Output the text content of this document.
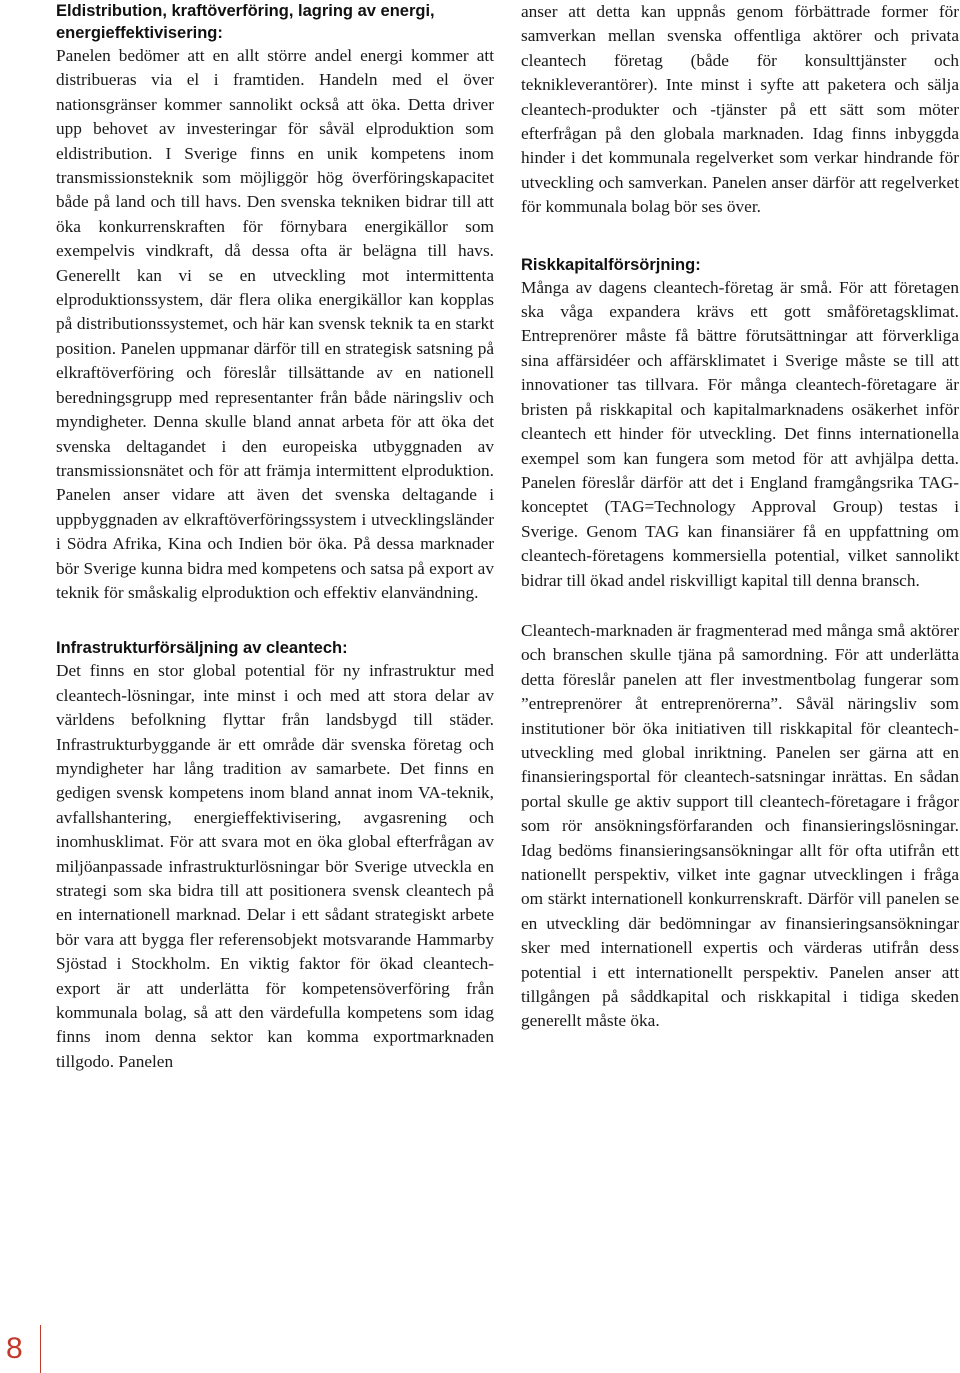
Eldistribution, kraftöverföring, lagring av energi, energieffektivisering:

Panelen bedömer att en allt större andel energi kommer att distribueras via el i framtiden. Handeln med el över nationsgränser kommer sannolikt också att öka. Detta driver upp behovet av investeringar för såväl elproduktion som eldistribution. I Sverige finns en unik kompetens inom transmissionsteknik som möjliggör hög överföringskapacitet både på land och till havs. Den svenska tekniken bidrar till att öka konkurrenskraften för förnybara energikällor som exempelvis vindkraft, då dessa ofta är belägna till havs. Generellt kan vi se en utveckling mot intermittenta elproduktionssystem, där flera olika energikällor kan kopplas på distributionssystemet, och här kan svensk teknik ta en starkt position. Panelen uppmanar därför till en strategisk satsning på elkraftöverföring och föreslår tillsättande av en nationell beredningsgrupp med representanter från både näringsliv och myndigheter. Denna skulle bland annat arbeta för att öka det svenska deltagandet i den europeiska utbyggnaden av transmissionsnätet och för att främja intermittent elproduktion. Panelen anser vidare att även det svenska deltagande i uppbyggnaden av elkraftöverföringssystem i utvecklingsländer i Södra Afrika, Kina och Indien bör öka. På dessa marknader bör Sverige kunna bidra med kompetens och satsa på export av teknik för småskalig elproduktion och effektiv elanvändning.

Infrastrukturförsäljning av cleantech:

Det finns en stor global potential för ny infrastruktur med cleantech-lösningar, inte minst i och med att stora delar av världens befolkning flyttar från landsbygd till städer. Infrastrukturbyggande är ett område där svenska företag och myndigheter har lång tradition av samarbete. Det finns en gedigen svensk kompetens inom bland annat inom VA-teknik, avfallshantering, energieffektivisering, avgasrening och inomhusklimat. För att svara mot en öka global efterfrågan av miljöanpassade infrastrukturlösningar bör Sverige utveckla en strategi som ska bidra till att positionera svensk cleantech på en internationell marknad. Delar i ett sådant strategiskt arbete bör vara att bygga fler referensobjekt motsvarande Hammarby Sjöstad i Stockholm. En viktig faktor för ökad cleantech-export är att underlätta för kompetensöverföring från kommunala bolag, så att den värdefulla kompetens som idag finns inom denna sektor kan komma exportmarknaden tillgodo. Panelen

anser att detta kan uppnås genom förbättrade former för samverkan mellan svenska offentliga aktörer och privata cleantech företag (både för konsulttjänster och teknikleverantörer). Inte minst i syfte att paketera och sälja cleantech-produkter och -tjänster på ett sätt som möter efterfrågan på den globala marknaden. Idag finns inbyggda hinder i det kommunala regelverket som verkar hindrande för utveckling och samverkan. Panelen anser därför att regelverket för kommunala bolag bör ses över.

Riskkapitalförsörjning:

Många av dagens cleantech-företag är små. För att företagen ska våga expandera krävs ett gott småföretagsklimat. Entreprenörer måste få bättre förutsättningar att förverkliga sina affärsidéer och affärsklimatet i Sverige måste se till att innovationer tas tillvara. För många cleantech-företagare är bristen på riskkapital och kapitalmarknadens osäkerhet inför cleantech ett hinder för utveckling. Det finns internationella exempel som kan fungera som metod för att avhjälpa detta. Panelen föreslår därför att det i England framgångsrika TAG-konceptet (TAG=Technology Approval Group) testas i Sverige. Genom TAG kan finansiärer få en uppfattning om cleantech-företagens kommersiella potential, vilket sannolikt bidrar till ökad andel riskvilligt kapital till denna bransch.

Cleantech-marknaden är fragmenterad med många små aktörer och branschen skulle tjäna på samordning. För att underlätta detta föreslår panelen att fler investmentbolag fungerar som ”entreprenörer åt entreprenörerna”. Såväl näringsliv som institutioner bör öka initiativen till riskkapital för cleantech-utveckling med global inriktning. Panelen ser gärna att en finansieringsportal för cleantech-satsningar inrättas. En sådan portal skulle ge aktiv support till cleantech-företagare i frågor som rör ansökningsförfaranden och finansieringslösningar. Idag bedöms finansieringsansökningar allt för ofta utifrån ett nationellt perspektiv, vilket inte gagnar utvecklingen i fråga om stärkt internationell konkurrenskraft. Därför vill panelen se en utveckling där bedömningar av finansieringsansökningar sker med internationell expertis och värderas utifrån dess potential i ett internationellt perspektiv. Panelen anser att tillgången på såddkapital och riskkapital i tidiga skeden generellt måste öka.

8
